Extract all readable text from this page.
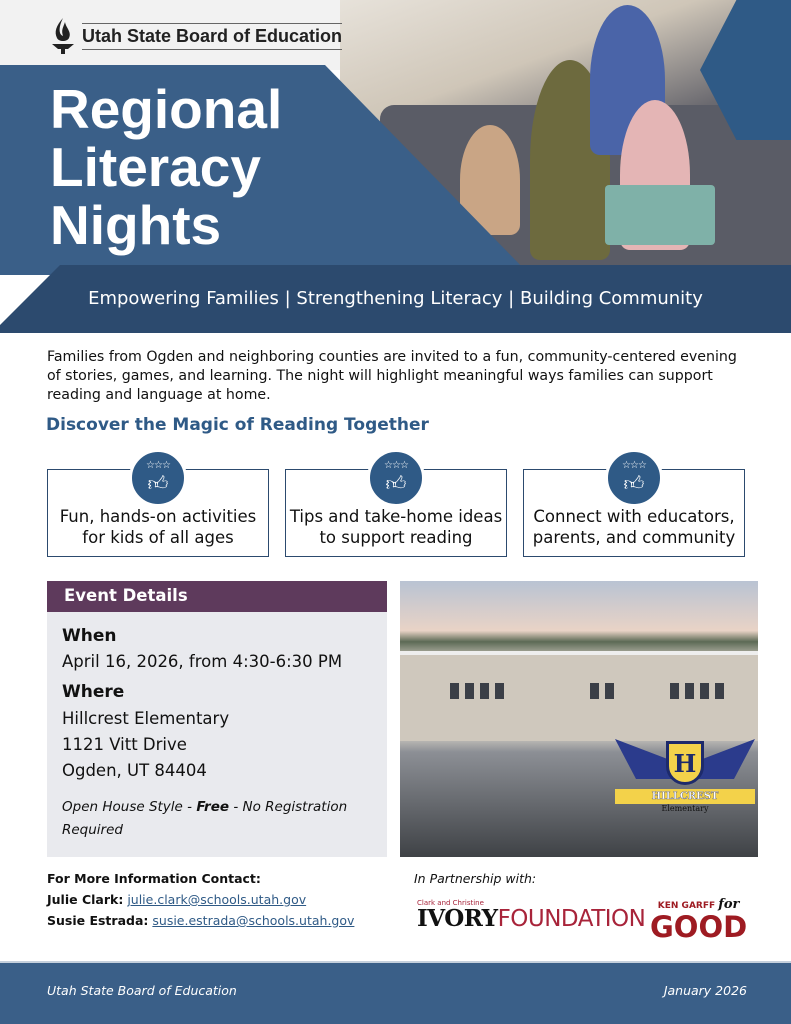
Utah State Board of Education
Regional
Literacy
Nights
Empowering Families | Strengthening Literacy | Building Community

Families from Ogden and neighboring counties are invited to a fun, community-centered evening of stories, games, and learning. The night will highlight meaningful ways families can support reading and language at home.

Discover the Magic of Reading Together
Fun, hands-on activities for kids of all ages
Tips and take-home ideas to support reading
Connect with educators, parents, and community
☆☆☆
👍︎
☆☆☆
👍︎
☆☆☆
👍︎
Event Details
When
April 16, 2026, from 4:30-6:30 PM
Where
Hillcrest Elementary
1121 Vitt Drive
Ogden, UT 84404
Open House Style - Free - No Registration Required
H
HILLCREST
Elementary
For More Information Contact:
Julie Clark: julie.clark@schools.utah.gov
Susie Estrada: susie.estrada@schools.utah.gov
In Partnership with:
Clark and Christine
IVORYFOUNDATION	KEN GARFF for
GOOD
Utah State Board of Education	January 2026
